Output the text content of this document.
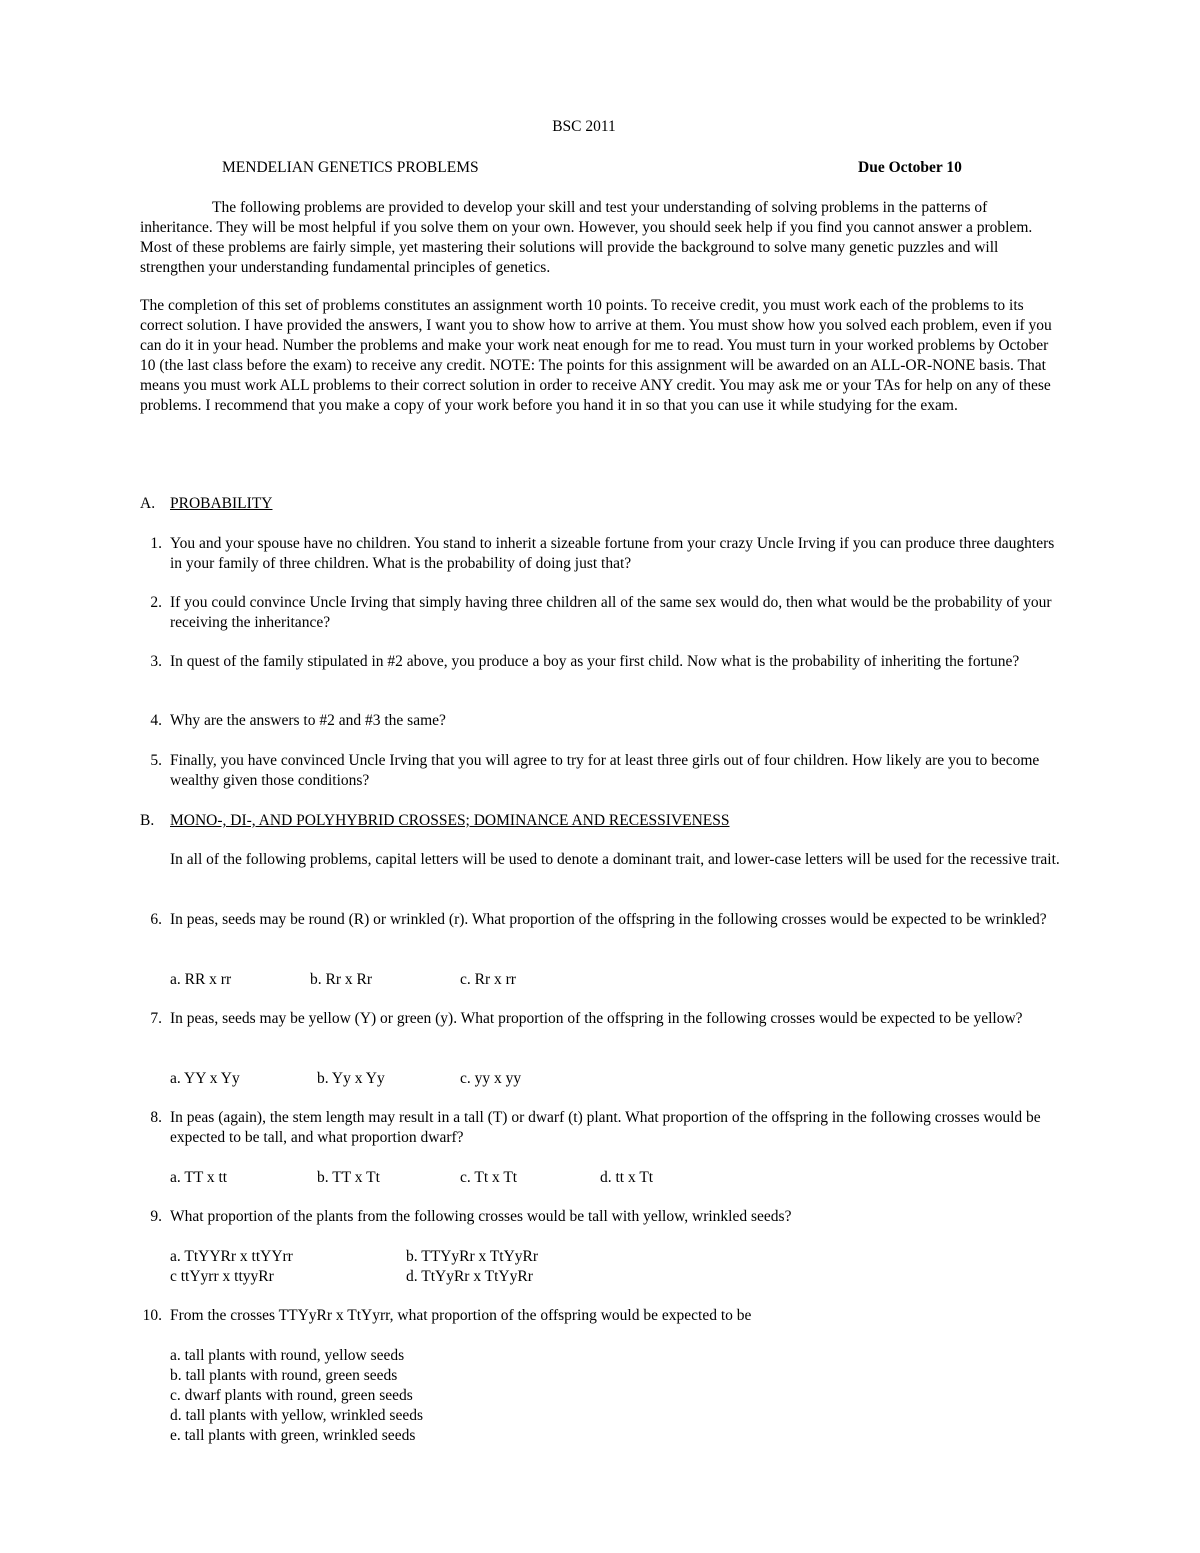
BSC 2011
MENDELIAN GENETICS PROBLEMS	Due October 10
The following problems are provided to develop your skill and test your understanding of solving problems in the patterns of inheritance. They will be most helpful if you solve them on your own. However, you should seek help if you find you cannot answer a problem. Most of these problems are fairly simple, yet mastering their solutions will provide the background to solve many genetic puzzles and will strengthen your understanding fundamental principles of genetics.
The completion of this set of problems constitutes an assignment worth 10 points. To receive credit, you must work each of the problems to its correct solution. I have provided the answers, I want you to show how to arrive at them. You must show how you solved each problem, even if you can do it in your head. Number the problems and make your work neat enough for me to read. You must turn in your worked problems by October 10 (the last class before the exam) to receive any credit. NOTE: The points for this assignment will be awarded on an ALL-OR-NONE basis. That means you must work ALL problems to their correct solution in order to receive ANY credit. You may ask me or your TAs for help on any of these problems. I recommend that you make a copy of your work before you hand it in so that you can use it while studying for the exam.
A. PROBABILITY
1. You and your spouse have no children. You stand to inherit a sizeable fortune from your crazy Uncle Irving if you can produce three daughters in your family of three children. What is the probability of doing just that?
2. If you could convince Uncle Irving that simply having three children all of the same sex would do, then what would be the probability of your receiving the inheritance?
3. In quest of the family stipulated in #2 above, you produce a boy as your first child. Now what is the probability of inheriting the fortune?
4. Why are the answers to #2 and #3 the same?
5. Finally, you have convinced Uncle Irving that you will agree to try for at least three girls out of four children. How likely are you to become wealthy given those conditions?
B. MONO-, DI-, AND POLYHYBRID CROSSES; DOMINANCE AND RECESSIVENESS
In all of the following problems, capital letters will be used to denote a dominant trait, and lower-case letters will be used for the recessive trait.
6. In peas, seeds may be round (R) or wrinkled (r). What proportion of the offspring in the following crosses would be expected to be wrinkled?
a. RR x rr	b. Rr x Rr	c. Rr x rr
7. In peas, seeds may be yellow (Y) or green (y). What proportion of the offspring in the following crosses would be expected to be yellow?
a. YY x Yy	b. Yy x Yy	c. yy x yy
8. In peas (again), the stem length may result in a tall (T) or dwarf (t) plant. What proportion of the offspring in the following crosses would be expected to be tall, and what proportion dwarf?
a. TT x tt	b. TT x Tt	c. Tt x Tt	d. tt x Tt
9. What proportion of the plants from the following crosses would be tall with yellow, wrinkled seeds?
a. TtYYRr x ttYYrr	b. TTYyRr x TtYyRr
c ttYyrr x ttyyRr	d. TtYyRr x TtYyRr
10. From the crosses TTYyRr x TtYyrr, what proportion of the offspring would be expected to be
a. tall plants with round, yellow seeds
b. tall plants with round, green seeds
c. dwarf plants with round, green seeds
d. tall plants with yellow, wrinkled seeds
e. tall plants with green, wrinkled seeds
